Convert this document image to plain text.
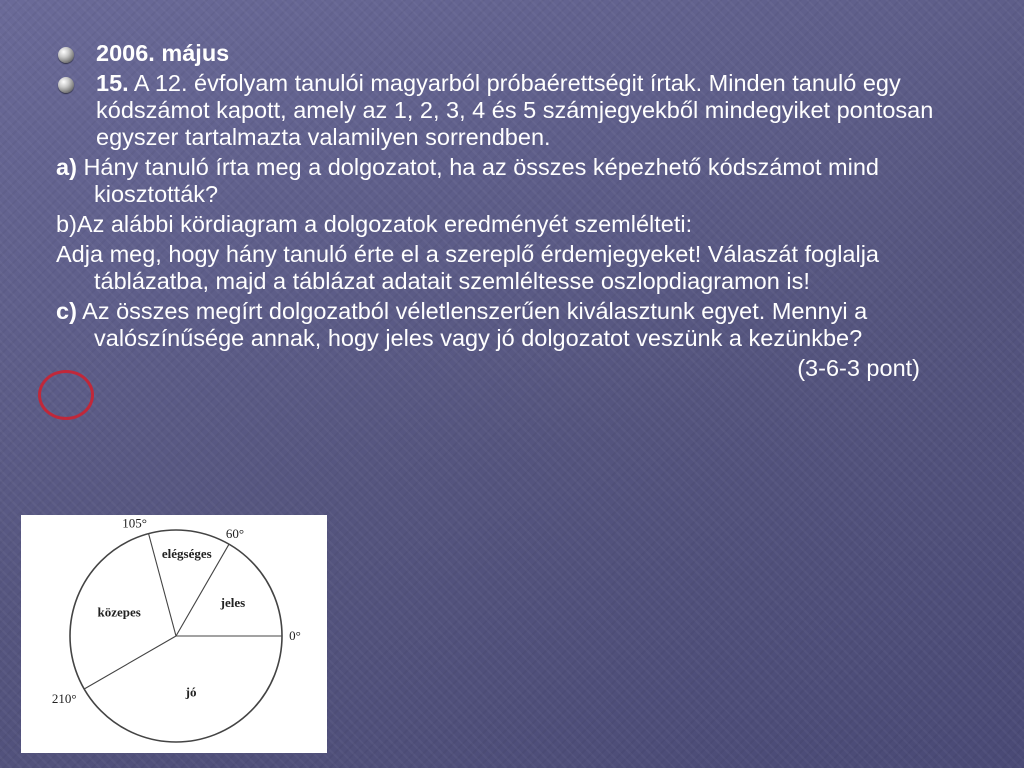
2006. május

15. A 12. évfolyam tanulói magyarból próbaérettségit írtak. Minden tanuló egy kódszámot kapott, amely az 1, 2, 3, 4 és 5 számjegyekből mindegyiket pontosan egyszer tartalmazta valamilyen sorrendben.

a) Hány tanuló írta meg a dolgozatot, ha az összes képezhető kódszámot mind kiosztották?

b)Az alábbi kördiagram a dolgozatok eredményét szemlélteti:

Adja meg, hogy hány tanuló érte el a szereplő érdemjegyeket! Válaszát foglalja táblázatba, majd a táblázat adatait szemléltesse oszlopdiagramon is!

c) Az összes megírt dolgozatból véletlenszerűen kiválasztunk egyet. Mennyi a valószínűsége annak, hogy jeles vagy jó dolgozatot veszünk a kezünkbe?

(3-6-3 pont)

0°
60°
105°
210°
jeles
elégséges
közepes
jó
